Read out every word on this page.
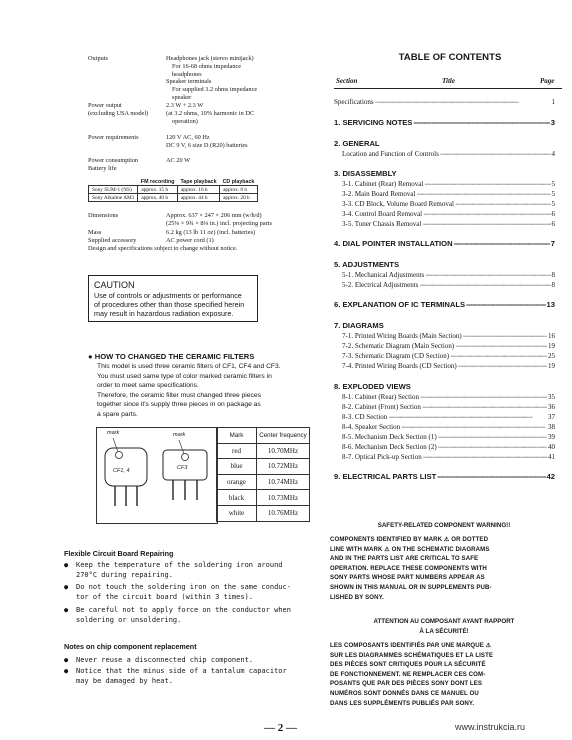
Outputs	Headphones jack (stereo minijack)
For 16-68 ohms impedance
headphones
Speaker terminals
For supplied 3.2 ohms impedance
speaker
Power output
(excluding USA model)
2.3 W + 2.3 W
(at 3.2 ohms, 10% harmonic in DC
operation)
Power requirements	120 V AC, 60 Hz
DC 9 V, 6 size D (R20) batteries
Power consumption	AC 20 W
Battery life
	FM recording	Tape playback	CD playback
Sony SUM-1 (NS)	approx. 15 h	approx. 16 h	approx. 8 h
Sony Alkaline AM1	approx. 40 h	approx. 44 h	approx. 20 h
Dimensions	Approx. 637 × 247 × 206 mm (w/h/d)
(25⅛ × 9¾ × 8⅛ in.) incl. projecting parts
Mass	6.2 kg (13 lb 11 oz) (incl. batteries)
Supplied accessory	AC power cord (1)
Design and specifications subject to change without notice.
CAUTION
Use of controls or adjustments or performance
of procedures other than those specified herein
may result in hazardous radiation exposure.
● HOW TO CHANGED THE CERAMIC FILTERS
This model is used three ceramic filters of CF1, CF4 and CF3.
You must used same type of color marked ceramic filters in
order to meet same specifications.
Therefore, the ceramic filter must changed three pieces
together since it's supply three pieces in on package as
a spare parts.
mark	mark
CF1, 4	CF3
Mark	Center frequency
red	10.70MHz
blue	10.72MHz
orange	10.74MHz
black	10.73MHz
white	10.76MHz
Flexible Circuit Board Repairing
● Keep the temperature of the soldering iron around
270°C during repairing.
● Do not touch the soldering iron on the same conduc-
tor of the circuit board (within 3 times).
● Be careful not to apply force on the conductor when
soldering or unsoldering.
Notes on chip component replacement
● Never reuse a disconnected chip component.
● Notice that the minus side of a tantalum capacitor
may be damaged by heat.
TABLE OF CONTENTS
Section	Title	Page
Specifications ·····	1
1. SERVICING NOTES ·····	3
2. GENERAL
Location and Function of Controls ·····	4
3. DISASSEMBLY
3-1. Cabinet (Rear) Removal ·····	5
3-2. Main Board Removal ·····	5
3-3. CD Block, Volume Board Removal ·····	5
3-4. Control Board Removal ·····	6
3-5. Tuner Chassis Removal ·····	6
4. DIAL POINTER INSTALLATION ·····	7
5. ADJUSTMENTS
5-1. Mechanical Adjustments ·····	8
5-2. Electrical Adjustments ·····	8
6. EXPLANATION OF IC TERMINALS ·····	13
7. DIAGRAMS
7-1. Printed Wiring Boards (Main Section) ·····	16
7-2. Schematic Diagram (Main Section) ·····	19
7-3. Schematic Diagram (CD Section) ·····	25
7-4. Printed Wiring Boards (CD Section) ·····	19
8. EXPLODED VIEWS
8-1. Cabinet (Rear) Section ·····	35
8-2. Cabinet (Front) Section ·····	36
8-3. CD Section ·····	37
8-4. Speaker Section ·····	38
8-5. Mechanism Deck Section (1) ·····	39
8-6. Mechanism Deck Section (2) ·····	40
8-7. Optical Pick-up Section ·····	41
9. ELECTRICAL PARTS LIST ·····	42
SAFETY-RELATED COMPONENT WARNING!!
COMPONENTS IDENTIFIED BY MARK ⚠ OR DOTTED
LINE WITH MARK ⚠ ON THE SCHEMATIC DIAGRAMS
AND IN THE PARTS LIST ARE CRITICAL TO SAFE
OPERATION. REPLACE THESE COMPONENTS WITH
SONY PARTS WHOSE PART NUMBERS APPEAR AS
SHOWN IN THIS MANUAL OR IN SUPPLEMENTS PUB-
LISHED BY SONY.
ATTENTION AU COMPOSANT AYANT RAPPORT
À LA SÉCURITÉ!
LES COMPOSANTS IDENTIFIÉS PAR UNE MARQUE ⚠
SUR LES DIAGRAMMES SCHÉMATIQUES ET LA LISTE
DES PIÈCES SONT CRITIQUES POUR LA SÉCURITÉ
DE FONCTIONNEMENT. NE REMPLACER CES COM-
POSANTS QUE PAR DES PIÈCES SONY DONT LES
NUMÉROS SONT DONNÉS DANS CE MANUEL OU
DANS LES SUPPLÉMENTS PUBLIÉS PAR SONY.
— 2 —	www.instrukcia.ru
